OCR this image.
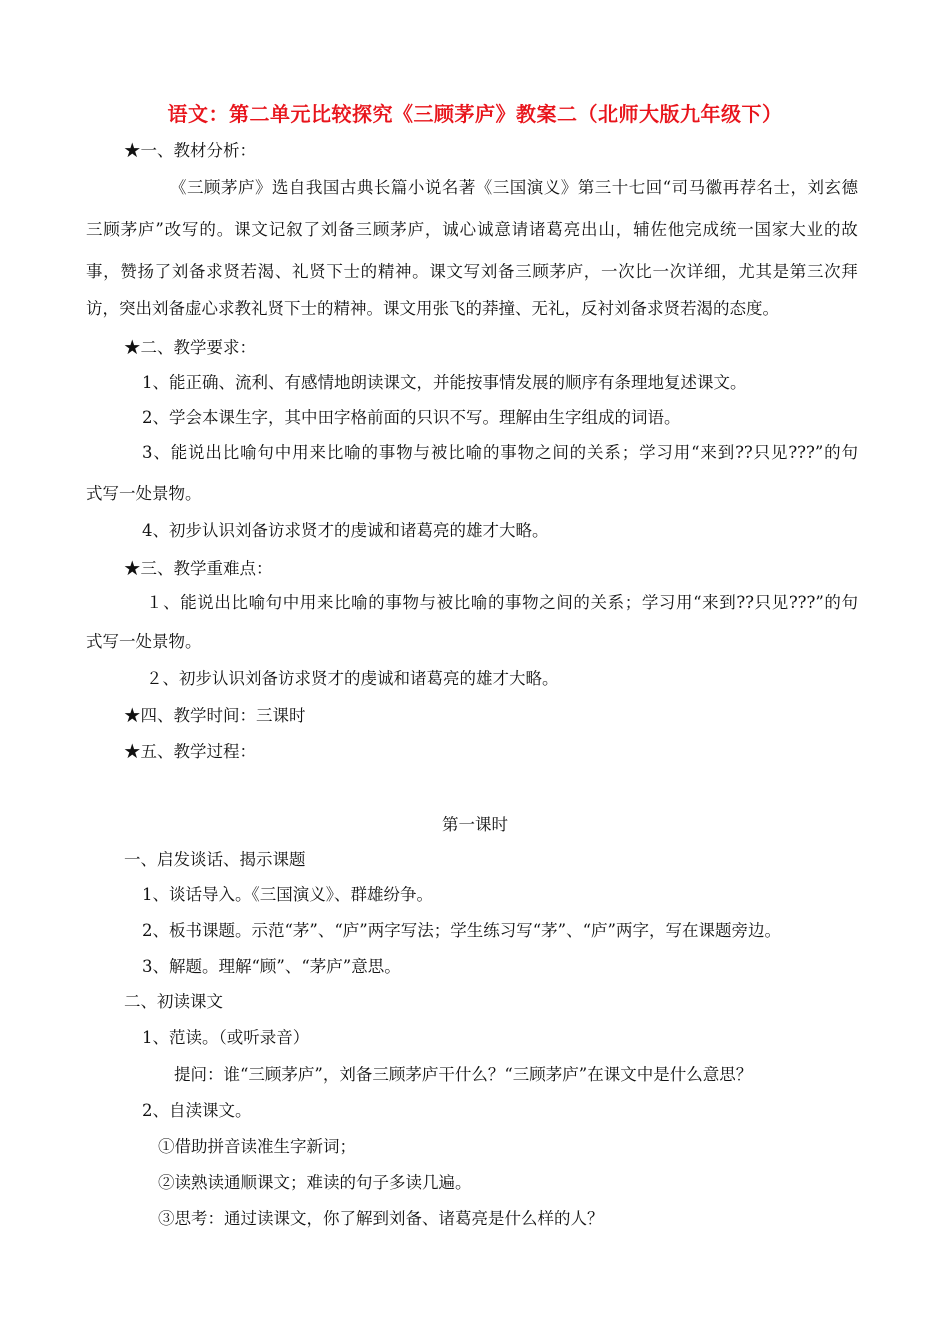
语文：第二单元比较探究《三顾茅庐》教案二（北师大版九年级下）
★一、教材分析：
《三顾茅庐》选自我国古典长篇小说名著《三国演义》第三十七回“司马徽再荐名士，刘玄德
三顾茅庐”改写的。课文记叙了刘备三顾茅庐，诚心诚意请诸葛亮出山，辅佐他完成统一国家大业的故
事，赞扬了刘备求贤若渴、礼贤下士的精神。课文写刘备三顾茅庐，一次比一次详细，尤其是第三次拜
访，突出刘备虚心求教礼贤下士的精神。课文用张飞的莽撞、无礼，反衬刘备求贤若渴的态度。
★二、教学要求：
1、能正确、流利、有感情地朗读课文，并能按事情发展的顺序有条理地复述课文。
2、学会本课生字，其中田字格前面的只识不写。理解由生字组成的词语。
3、能说出比喻句中用来比喻的事物与被比喻的事物之间的关系；学习用“来到??只见???”的句
式写一处景物。
4、初步认识刘备访求贤才的虔诚和诸葛亮的雄才大略。
★三、教学重难点：
１、能说出比喻句中用来比喻的事物与被比喻的事物之间的关系；学习用“来到??只见???”的句
式写一处景物。
２、初步认识刘备访求贤才的虔诚和诸葛亮的雄才大略。
★四、教学时间：三课时
★五、教学过程：
第一课时
一、启发谈话、揭示课题
1、谈话导入。《三国演义》、群雄纷争。
2、板书课题。示范“茅”、“庐”两字写法；学生练习写“茅”、“庐”两字，写在课题旁边。
3、解题。理解“顾”、“茅庐”意思。
二、初读课文
1、范读。（或听录音）
提问：谁“三顾茅庐”，刘备三顾茅庐干什么？“三顾茅庐”在课文中是什么意思？
2、自渎课文。
①借助拼音读准生字新词；
②读熟读通顺课文；难读的句子多读几遍。
③思考：通过读课文，你了解到刘备、诸葛亮是什么样的人？
